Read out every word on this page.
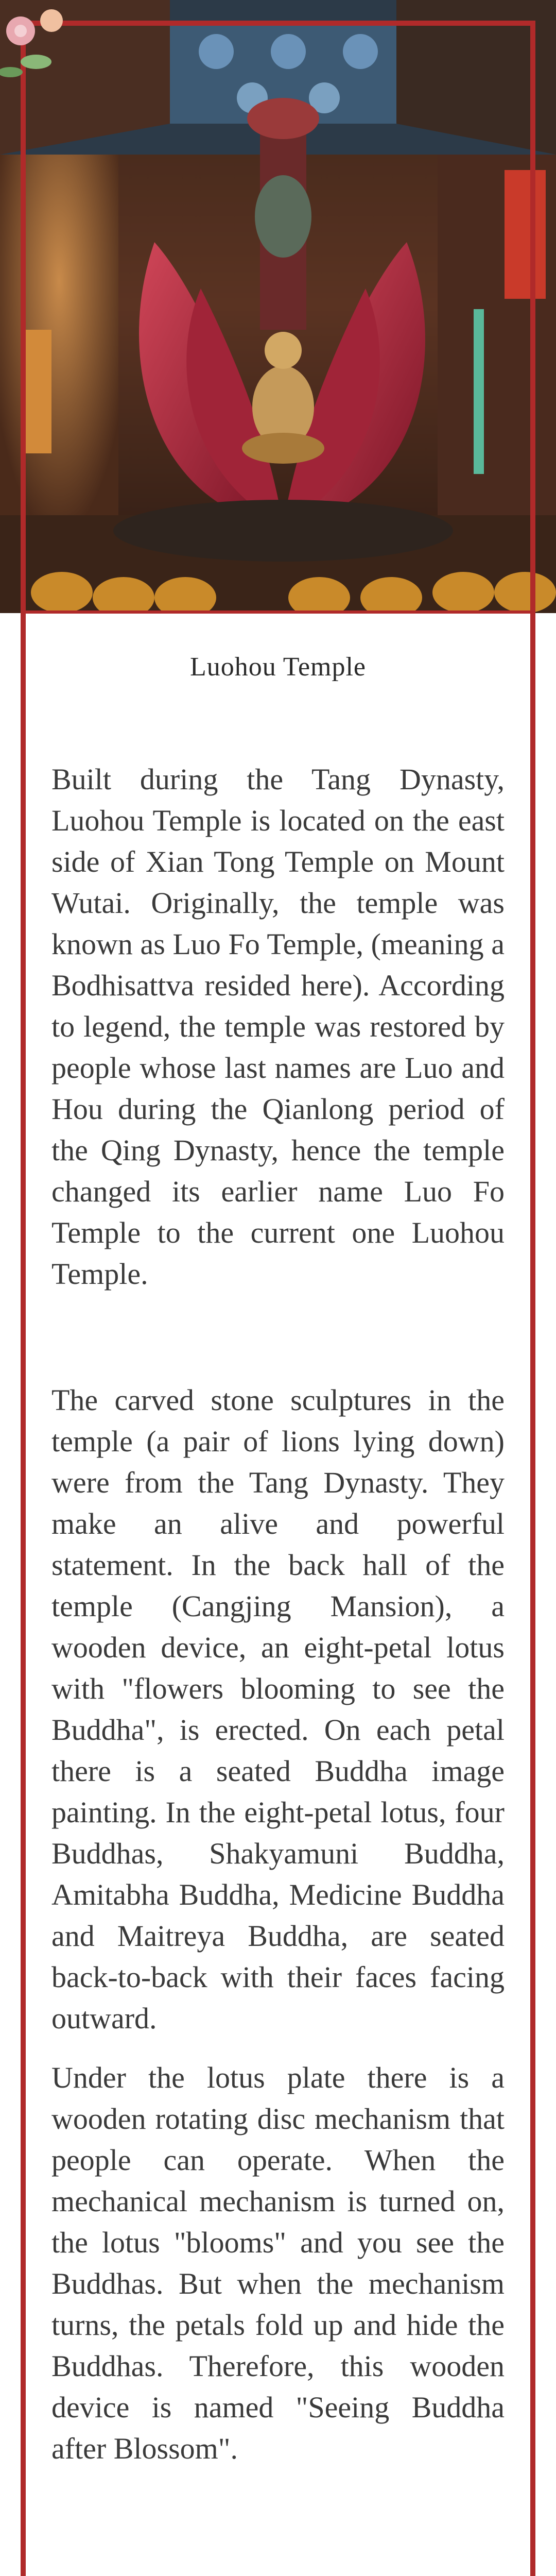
Luohou Temple

Built during the Tang Dynasty, Luohou Temple is located on the east side of Xian Tong Temple on Mount Wutai. Originally, the temple was known as Luo Fo Temple, (meaning a Bodhisattva resided here). According to legend, the temple was restored by people whose last names are Luo and Hou during the Qianlong period of the Qing Dynasty, hence the temple changed its earlier name Luo Fo Temple to the current one Luohou Temple.

The carved stone sculptures in the temple (a pair of lions lying down) were from the Tang Dynasty. They make an alive and powerful statement. In the back hall of the temple (Cangjing Mansion), a wooden device, an eight-petal lotus with "flowers blooming to see the Buddha", is erected. On each petal there is a seated Buddha image painting. In the eight-petal lotus, four Buddhas, Shakyamuni Buddha, Amitabha Buddha, Medicine Buddha and Maitreya Buddha, are seated back-to-back with their faces facing outward.

Under the lotus plate there is a wooden rotating disc mechanism that people can operate. When the mechanical mechanism is turned on, the lotus "blooms" and you see the Buddhas. But when the mechanism turns, the petals fold up and hide the Buddhas. Therefore, this wooden device is named "Seeing Buddha after Blossom".
